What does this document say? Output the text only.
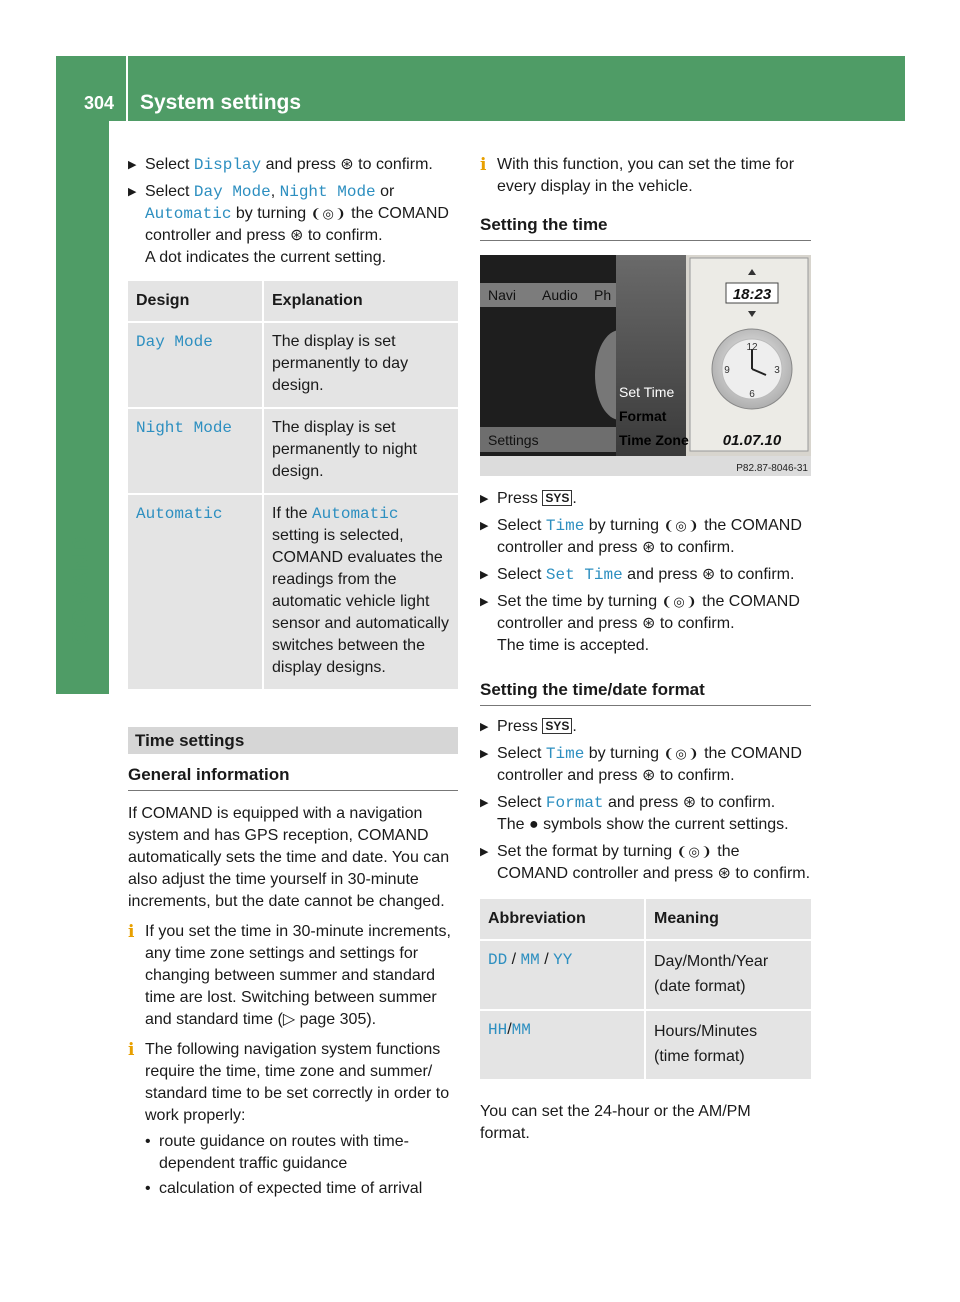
304 System settings
COMAND
▶ Select Display and press ⊛ to confirm.
▶ Select Day Mode, Night Mode or
Automatic by turning ❨◎❩ the COMAND controller and press ⊛ to confirm.
A dot indicates the current setting.
Design	Explanation
Day Mode	The display is set permanently to day design.
Night Mode	The display is set permanently to night design.
Automatic	If the Automatic setting is selected, COMAND evaluates the readings from the automatic vehicle light sensor and automatically switches between the display designs.
Time settings
General information
If COMAND is equipped with a navigation system and has GPS reception, COMAND automatically sets the time and date. You can also adjust the time yourself in 30-minute increments, but the date cannot be changed.
i If you set the time in 30-minute increments, any time zone settings and settings for changing between summer and standard time are lost. Switching between summer and standard time (▷ page 305).
i The following navigation system functions require the time, time zone and summer/ standard time to be set correctly in order to work properly:
• route guidance on routes with time-dependent traffic guidance
• calculation of expected time of arrival
i With this function, you can set the time for every display in the vehicle.
Setting the time
Navi Audio Ph
Settings
Set Time
Format
Time Zone
18:23
01.07.10
12
3
6
9
P82.87-8046-31
▶ Press SYS .
▶ Select Time by turning ❨◎❩ the COMAND controller and press ⊛ to confirm.
▶ Select Set Time and press ⊛ to confirm.
▶ Set the time by turning ❨◎❩ the COMAND controller and press ⊛ to confirm.
The time is accepted.
Setting the time/date format
▶ Press SYS .
▶ Select Time by turning ❨◎❩ the COMAND controller and press ⊛ to confirm.
▶ Select Format and press ⊛ to confirm.
The ● symbols show the current settings.
▶ Set the format by turning ❨◎❩ the COMAND controller and press ⊛ to confirm.
Abbreviation	Meaning
DD / MM / YY	Day/Month/Year
(date format)
HH/MM	Hours/Minutes
(time format)
You can set the 24-hour or the AM/PM format.
